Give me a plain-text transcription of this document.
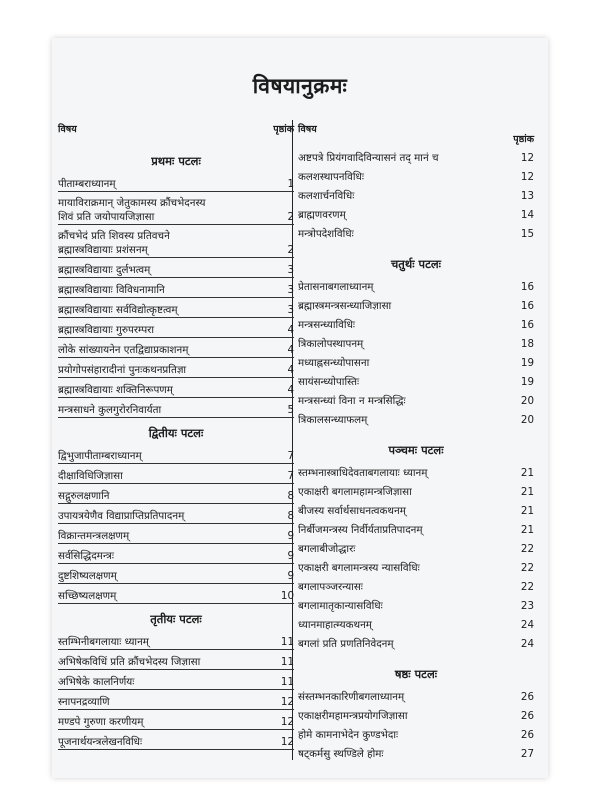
विषयानुक्रमः
विषय	पृष्ठांक
प्रथमः पटलः
पीताम्बराध्यानम्	1
मायाविराक्रमान् जेतुकामस्य क्रौंचभेदनस्य
शिवं प्रति जयोपायजिज्ञासा	2
क्रौंचभेदं प्रति शिवस्य प्रतिवचने
ब्रह्मास्त्रविद्यायाः प्रशंसनम्	2
ब्रह्मास्त्रविद्यायाः दुर्लभत्वम्	3
ब्रह्मास्त्रविद्यायाः विविधनामानि	3
ब्रह्मास्त्रविद्यायाः सर्वविद्योत्कृष्टत्वम्	3
ब्रह्मास्त्रविद्यायाः गुरुपरम्परा	4
लोके सांख्यायनेन एतद्विद्याप्रकाशनम्	4
प्रयोगोपसंहारादीनां पुनःकथनप्रतिज्ञा	4
ब्रह्मास्त्रविद्यायाः शक्तिनिरूपणम्	4
मन्त्रसाधने कुलगुरोरनिवार्यता	5
द्वितीयः पटलः
द्विभुजापीताम्बराध्यानम्	7
दीक्षाविधिजिज्ञासा	7
सद्गुरुलक्षणानि	8
उपायत्रयेणैव विद्याप्राप्तिप्रतिपादनम्	8
विक्रान्तमन्त्रलक्षणम्	9
सर्वसिद्धिदमन्त्रः	9
दुष्टशिष्यलक्षणम्	9
सच्छिष्यलक्षणम्	10
तृतीयः पटलः
स्तम्भिनीबगलायाः ध्यानम्	11
अभिषेकविधिं प्रति क्रौंचभेदस्य जिज्ञासा	11
अभिषेके कालनिर्णयः	11
स्नापनद्रव्याणि	12
मण्डपे गुरुणा करणीयम्	12
पूजनार्थयन्त्रलेखनविधिः	12
विषय
पृष्ठांक
अष्टपत्रे प्रियंगवादिविन्यासनं तद् मानं च	12
कलशस्थापनविधिः	12
कलशार्चनविधिः	13
ब्राह्मणवरणम्	14
मन्त्रोपदेशविधिः	15
चतुर्थः पटलः
प्रेतासनाबगलाध्यानम्	16
ब्रह्मास्त्रमन्त्रसन्ध्याजिज्ञासा	16
मन्त्रसन्ध्याविधिः	16
त्रिकालोपस्थापनम्	18
मध्याह्नसन्ध्योपासना	19
सायंसन्ध्योपास्तिः	19
मन्त्रसन्ध्यां विना न मन्त्रसिद्धिः	20
त्रिकालसन्ध्याफलम्	20
पञ्चमः पटलः
स्तम्भनास्त्राधिदेवताबगलायाः ध्यानम्	21
एकाक्षरी बगलामहामन्त्रजिज्ञासा	21
बीजस्य सर्वार्थसाधनत्वकथनम्	21
निर्बीजमन्त्रस्य निर्वीर्यताप्रतिपादनम्	21
बगलाबीजोद्धारः	22
एकाक्षरी बगलामन्त्रस्य न्यासविधिः	22
बगलापञ्जरन्यासः	22
बगलामातृकान्यासविधिः	23
ध्यानमाहात्म्यकथनम्	24
बगलां प्रति प्रणतिनिवेदनम्	24
षष्ठः पटलः
संस्तम्भनकारिणीबगलाध्यानम्	26
एकाक्षरीमहामन्त्रप्रयोगजिज्ञासा	26
होमे कामनाभेदेन कुण्डभेदाः	26
षट्कर्मसु स्थण्डिले होमः	27
